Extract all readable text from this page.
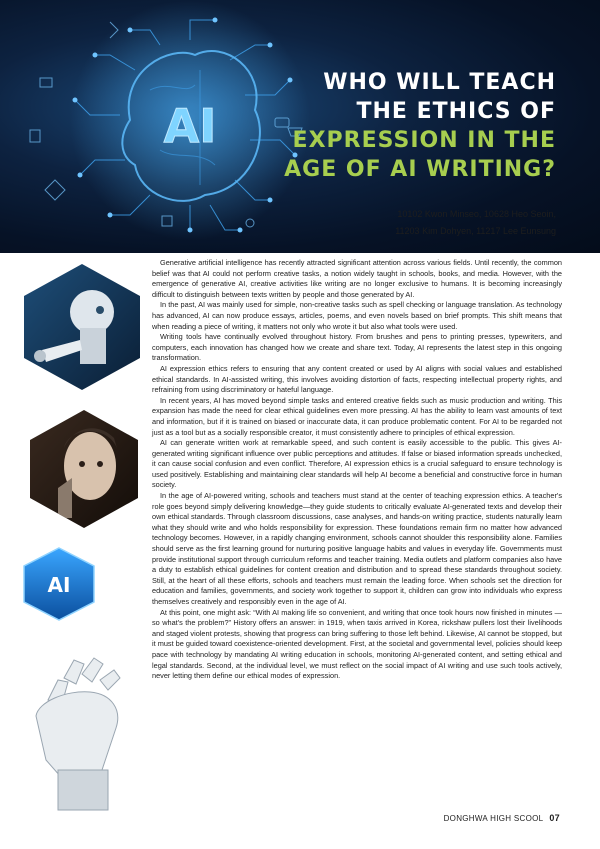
AI
WHO WILL TEACH
THE ETHICS OF
EXPRESSION IN THE
AGE OF AI WRITING?
10102 Kwon Minseo, 10628 Heo Seoin,
11203 Kim Dohyen, 11217 Lee Eunsung
AI

Generative artificial intelligence has recently attracted significant attention across various fields. Until recently, the common belief was that AI could not perform creative tasks, a notion widely taught in schools, books, and media. However, with the emergence of generative AI, creative activities like writing are no longer exclusive to humans. It is becoming increasingly difficult to distinguish between texts written by people and those generated by AI.

In the past, AI was mainly used for simple, non-creative tasks such as spell checking or language translation. As technology has advanced, AI can now produce essays, articles, poems, and even novels based on brief prompts. This shift means that when reading a piece of writing, it matters not only who wrote it but also what tools were used.

Writing tools have continually evolved throughout history. From brushes and pens to printing presses, typewriters, and computers, each innovation has changed how we create and share text. Today, AI represents the latest step in this ongoing transformation.

AI expression ethics refers to ensuring that any content created or used by AI aligns with social values and established ethical standards. In AI-assisted writing, this involves avoiding distortion of facts, respecting intellectual property rights, and refraining from using discriminatory or hateful language.

In recent years, AI has moved beyond simple tasks and entered creative fields such as music production and writing. This expansion has made the need for clear ethical guidelines even more pressing. AI has the ability to learn vast amounts of text and information, but if it is trained on biased or inaccurate data, it can produce problematic content. For AI to be regarded not just as a tool but as a socially responsible creator, it must consistently adhere to principles of ethical expression.

AI can generate written work at remarkable speed, and such content is easily accessible to the public. This gives AI-generated writing significant influence over public perceptions and attitudes. If false or biased information spreads unchecked, it can cause social confusion and even conflict. Therefore, AI expression ethics is a crucial safeguard to ensure technology is used positively. Establishing and maintaining clear standards will help AI become a beneficial and constructive force in human society.

In the age of AI-powered writing, schools and teachers must stand at the center of teaching expression ethics. A teacher's role goes beyond simply delivering knowledge—they guide students to critically evaluate AI-generated texts and develop their own ethical standards. Through classroom discussions, case analyses, and hands-on writing practice, students naturally learn what they should write and who holds responsibility for expression. These foundations remain firm no matter how advanced technology becomes. However, in a rapidly changing environment, schools cannot shoulder this responsibility alone. Families should serve as the first learning ground for nurturing positive language habits and values in everyday life. Governments must provide institutional support through curriculum reforms and teacher training. Media outlets and platform companies also have a duty to establish ethical guidelines for content creation and distribution and to spread these standards throughout society. Still, at the heart of all these efforts, schools and teachers must remain the leading force. When schools set the direction for education and families, governments, and society work together to support it, children can grow into individuals who express themselves creatively and responsibly even in the age of AI.

At this point, one might ask: “With AI making life so convenient, and writing that once took hours now finished in minutes — so what's the problem?” History offers an answer: in 1919, when taxis arrived in Korea, rickshaw pullers lost their livelihoods and staged violent protests, showing that progress can bring suffering to those left behind. Likewise, AI cannot be stopped, but it must be guided toward coexistence-oriented development. First, at the societal and governmental level, policies should keep pace with technology by mandating AI writing education in schools, monitoring AI-generated content, and setting ethical and legal standards. Second, at the individual level, we must reflect on the social impact of AI writing and use such tools actively, never letting them define our ethical modes of expression.

DONGHWA HIGH SCOOL 07
